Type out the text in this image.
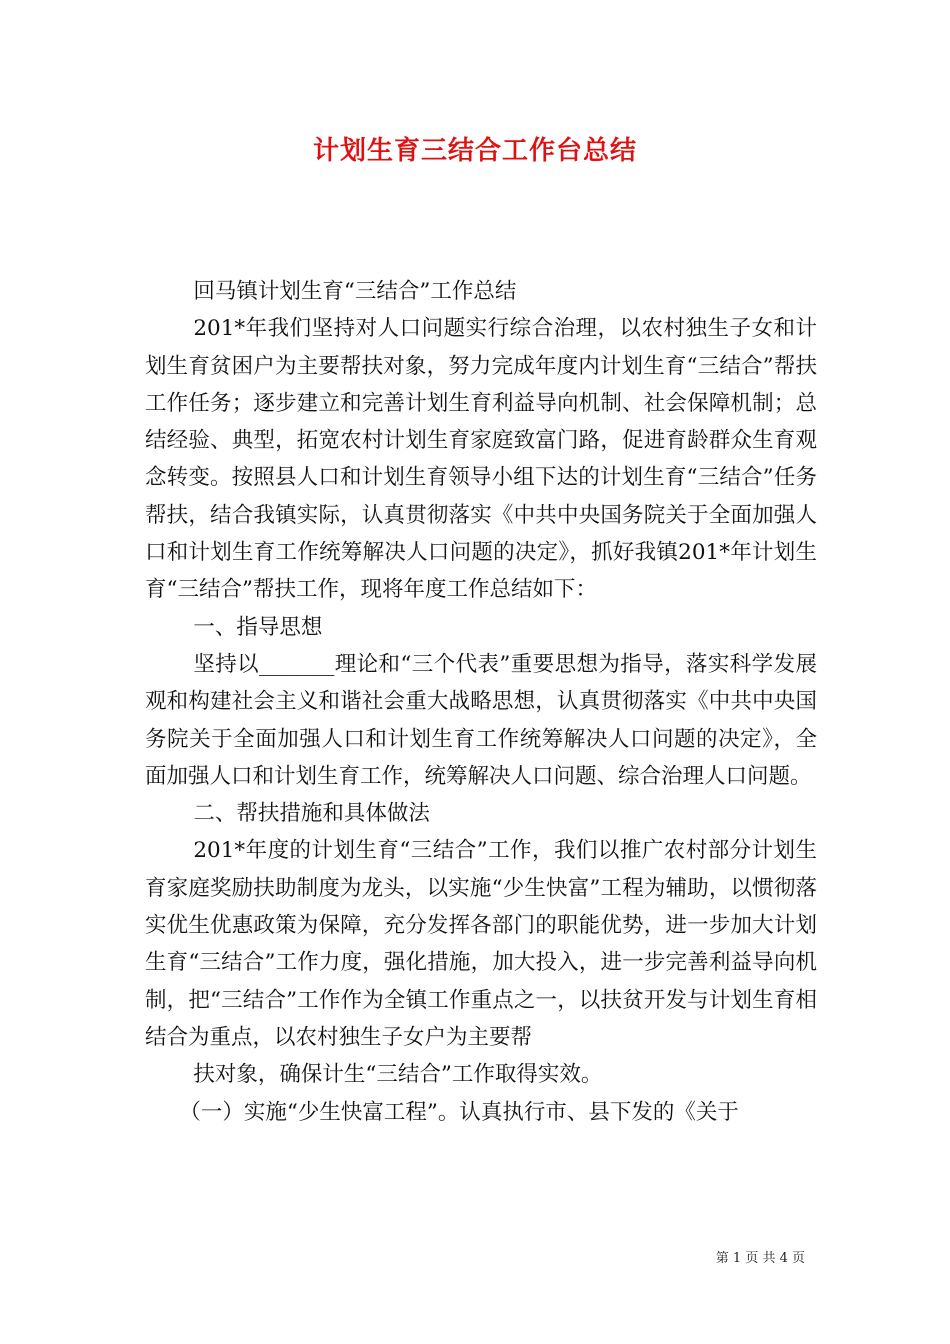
计划生育三结合工作台总结

回马镇计划生育“三结合”工作总结

201*年我们坚持对人口问题实行综合治理，以农村独生子女和计划生育贫困户为主要帮扶对象，努力完成年度内计划生育“三结合”帮扶工作任务；逐步建立和完善计划生育利益导向机制、社会保障机制；总结经验、典型，拓宽农村计划生育家庭致富门路，促进育龄群众生育观念转变。按照县人口和计划生育领导小组下达的计划生育“三结合”任务帮扶，结合我镇实际，认真贯彻落实《中共中央国务院关于全面加强人口和计划生育工作统筹解决人口问题的决定》，抓好我镇201*年计划生育“三结合”帮扶工作，现将年度工作总结如下：

一、指导思想

坚持以_______理论和“三个代表”重要思想为指导，落实科学发展观和构建社会主义和谐社会重大战略思想，认真贯彻落实《中共中央国务院关于全面加强人口和计划生育工作统筹解决人口问题的决定》，全面加强人口和计划生育工作，统筹解决人口问题、综合治理人口问题。

二、帮扶措施和具体做法

201*年度的计划生育“三结合”工作，我们以推广农村部分计划生育家庭奖励扶助制度为龙头，以实施“少生快富”工程为辅助，以惯彻落实优生优惠政策为保障，充分发挥各部门的职能优势，进一步加大计划生育“三结合”工作力度，强化措施，加大投入，进一步完善利益导向机制，把“三结合”工作作为全镇工作重点之一，以扶贫开发与计划生育相结合为重点，以农村独生子女户为主要帮

扶对象，确保计生“三结合”工作取得实效。

（一）实施“少生快富工程”。认真执行市、县下发的《关于

第 1 页 共 4 页
